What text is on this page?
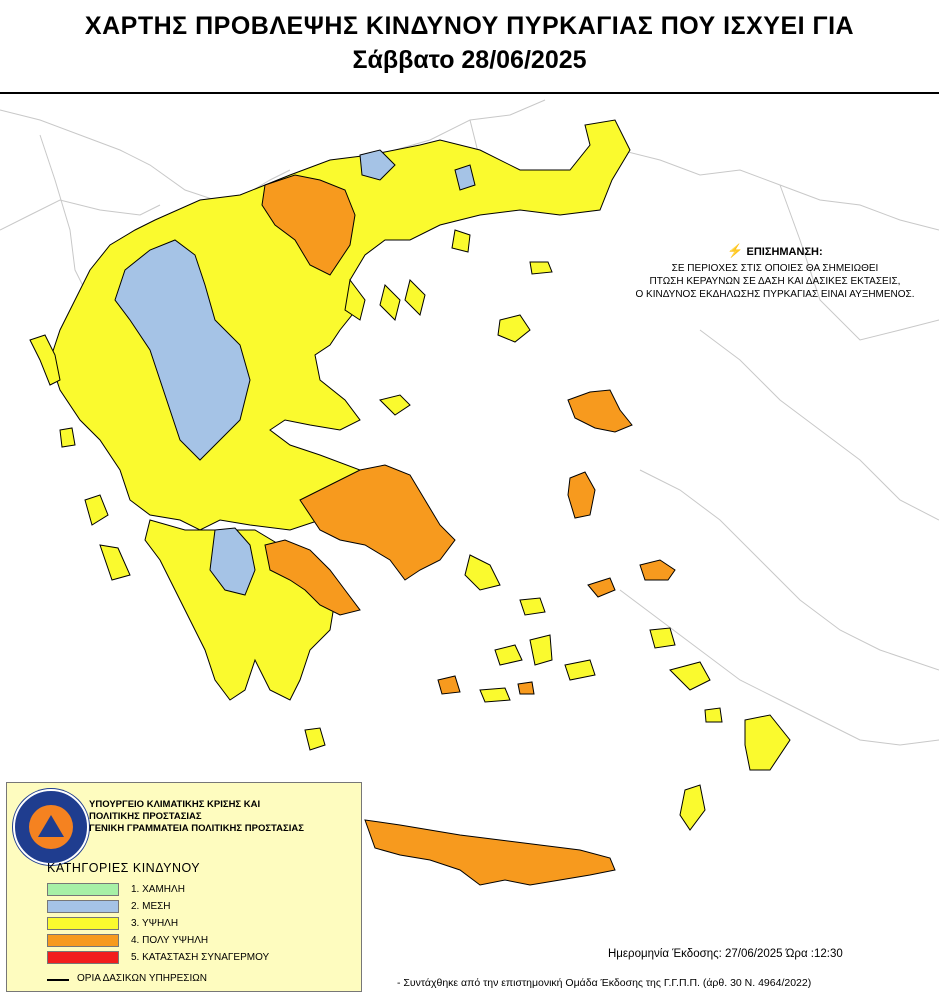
ΧΑΡΤΗΣ ΠΡΟΒΛΕΨΗΣ ΚΙΝΔΥΝΟΥ ΠΥΡΚΑΓΙΑΣ ΠΟΥ ΙΣΧΥΕΙ ΓΙΑ
Σάββατο 28/06/2025
⚡ ΕΠΙΣΗΜΑΝΣΗ:
ΣΕ ΠΕΡΙΟΧΕΣ ΣΤΙΣ ΟΠΟΙΕΣ ΘΑ ΣΗΜΕΙΩΘΕΙ
ΠΤΩΣΗ ΚΕΡΑΥΝΩΝ ΣΕ ΔΑΣΗ ΚΑΙ ΔΑΣΙΚΕΣ ΕΚΤΑΣΕΙΣ,
Ο ΚΙΝΔΥΝΟΣ ΕΚΔΗΛΩΣΗΣ ΠΥΡΚΑΓΙΑΣ ΕΙΝΑΙ ΑΥΞΗΜΕΝΟΣ.
ΥΠΟΥΡΓΕΙΟ ΚΛΙΜΑΤΙΚΗΣ ΚΡΙΣΗΣ ΚΑΙ
ΠΟΛΙΤΙΚΗΣ ΠΡΟΣΤΑΣΙΑΣ
ΓΕΝΙΚΗ ΓΡΑΜΜΑΤΕΙΑ ΠΟΛΙΤΙΚΗΣ ΠΡΟΣΤΑΣΙΑΣ
ΚΑΤΗΓΟΡΙΕΣ ΚΙΝΔΥΝΟΥ
1. ΧΑΜΗΛΗ
2. ΜΕΣΗ
3. ΥΨΗΛΗ
4. ΠΟΛΥ ΥΨΗΛΗ
5. ΚΑΤΑΣΤΑΣΗ ΣΥΝΑΓΕΡΜΟΥ
ΟΡΙΑ ΔΑΣΙΚΩΝ ΥΠΗΡΕΣΙΩΝ
Ημερομηνία Έκδοσης: 27/06/2025 Ώρα :12:30
- Συντάχθηκε από την επιστημονική Ομάδα Έκδοσης της Γ.Γ.Π.Π. (άρθ. 30 Ν. 4964/2022)
